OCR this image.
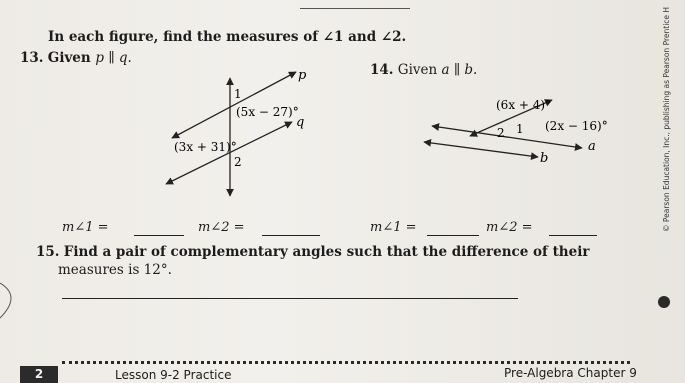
In each figure, find the measures of ∠1 and ∠2.
13. Given p ∥ q.
14. Given a ∥ b.
p
q
1
(5x − 27)°
(3x + 31)°
2
a
b
(6x + 4)°
(2x − 16)°
2 1
m∠1 =	m∠2 =	m∠1 =	m∠2 =
15. Find a pair of complementary angles such that the difference of their
measures is 12°.
2	Lesson 9-2 Practice	Pre-Algebra Chapter 9
© Pearson Education, Inc., publishing as Pearson Prentice H
